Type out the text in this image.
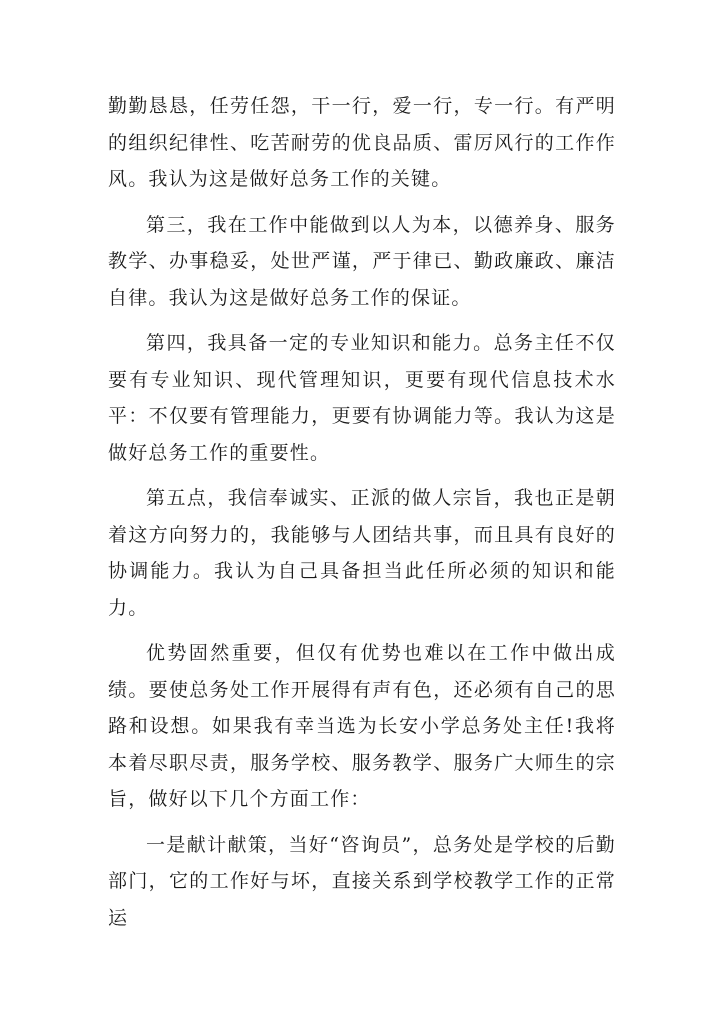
勤勤恳恳，任劳任怨，干一行，爱一行，专一行。有严明的组织纪律性、吃苦耐劳的优良品质、雷厉风行的工作作风。我认为这是做好总务工作的关键。

第三，我在工作中能做到以人为本，以德养身、服务教学、办事稳妥，处世严谨，严于律已、勤政廉政、廉洁自律。我认为这是做好总务工作的保证。

第四，我具备一定的专业知识和能力。总务主任不仅要有专业知识、现代管理知识，更要有现代信息技术水平：不仅要有管理能力，更要有协调能力等。我认为这是做好总务工作的重要性。

第五点，我信奉诚实、正派的做人宗旨，我也正是朝着这方向努力的，我能够与人团结共事，而且具有良好的协调能力。我认为自己具备担当此任所必须的知识和能力。

优势固然重要，但仅有优势也难以在工作中做出成绩。要使总务处工作开展得有声有色，还必须有自己的思路和设想。如果我有幸当选为长安小学总务处主任!我将本着尽职尽责，服务学校、服务教学、服务广大师生的宗旨，做好以下几个方面工作：

一是献计献策，当好“咨询员”，总务处是学校的后勤部门，它的工作好与坏，直接关系到学校教学工作的正常运
